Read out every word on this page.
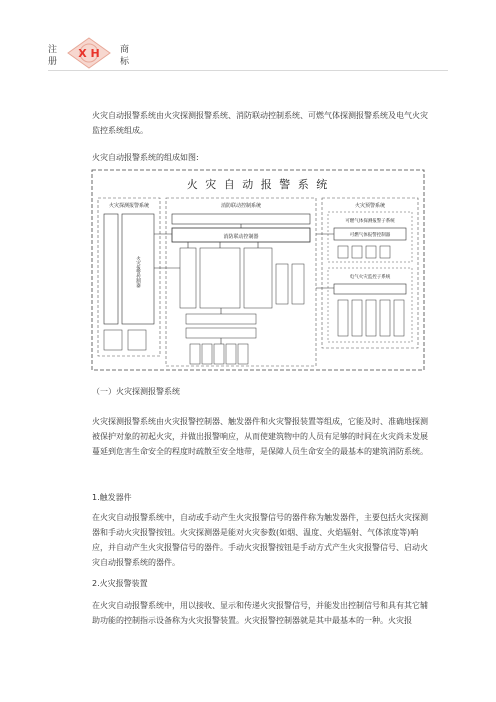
注
册
X H 商
标

火灾自动报警系统由火灾探测报警系统、消防联动控制系统、可燃气体探测报警系统及电气火灾监控系统组成。

火灾自动报警系统的组成如图:

火 灾 自 动 报 警 系 统
火灾探测报警系统
火灾报警控制器
消防联动控制系统
消防联动控制器
火灾预警系统
可燃气体探测报警子系统
可燃气体报警控制器
电气火灾监控子系统
（一）火灾探测报警系统

火灾探测报警系统由火灾报警控制器、触发器件和火灾警报装置等组成，它能及时、准确地探测被保护对象的初起火灾，并做出报警响应，从而使建筑物中的人员有足够的时间在火灾尚未发展蔓延到危害生命安全的程度时疏散至安全地带，是保障人员生命安全的最基本的建筑消防系统。

1.触发器件

在火灾自动报警系统中，自动或手动产生火灾报警信号的器件称为触发器件，主要包括火灾探测器和手动火灾报警按钮。火灾探测器是能对火灾参数(如烟、温度、火焰辐射、气体浓度等)响应，并自动产生火灾报警信号的器件。手动火灾报警按钮是手动方式产生火灾报警信号、启动火灾自动报警系统的器件。

2.火灾报警装置

在火灾自动报警系统中，用以接收、显示和传递火灾报警信号，并能发出控制信号和具有其它辅助功能的控制指示设备称为火灾报警装置。火灾报警控制器就是其中最基本的一种。火灾报
